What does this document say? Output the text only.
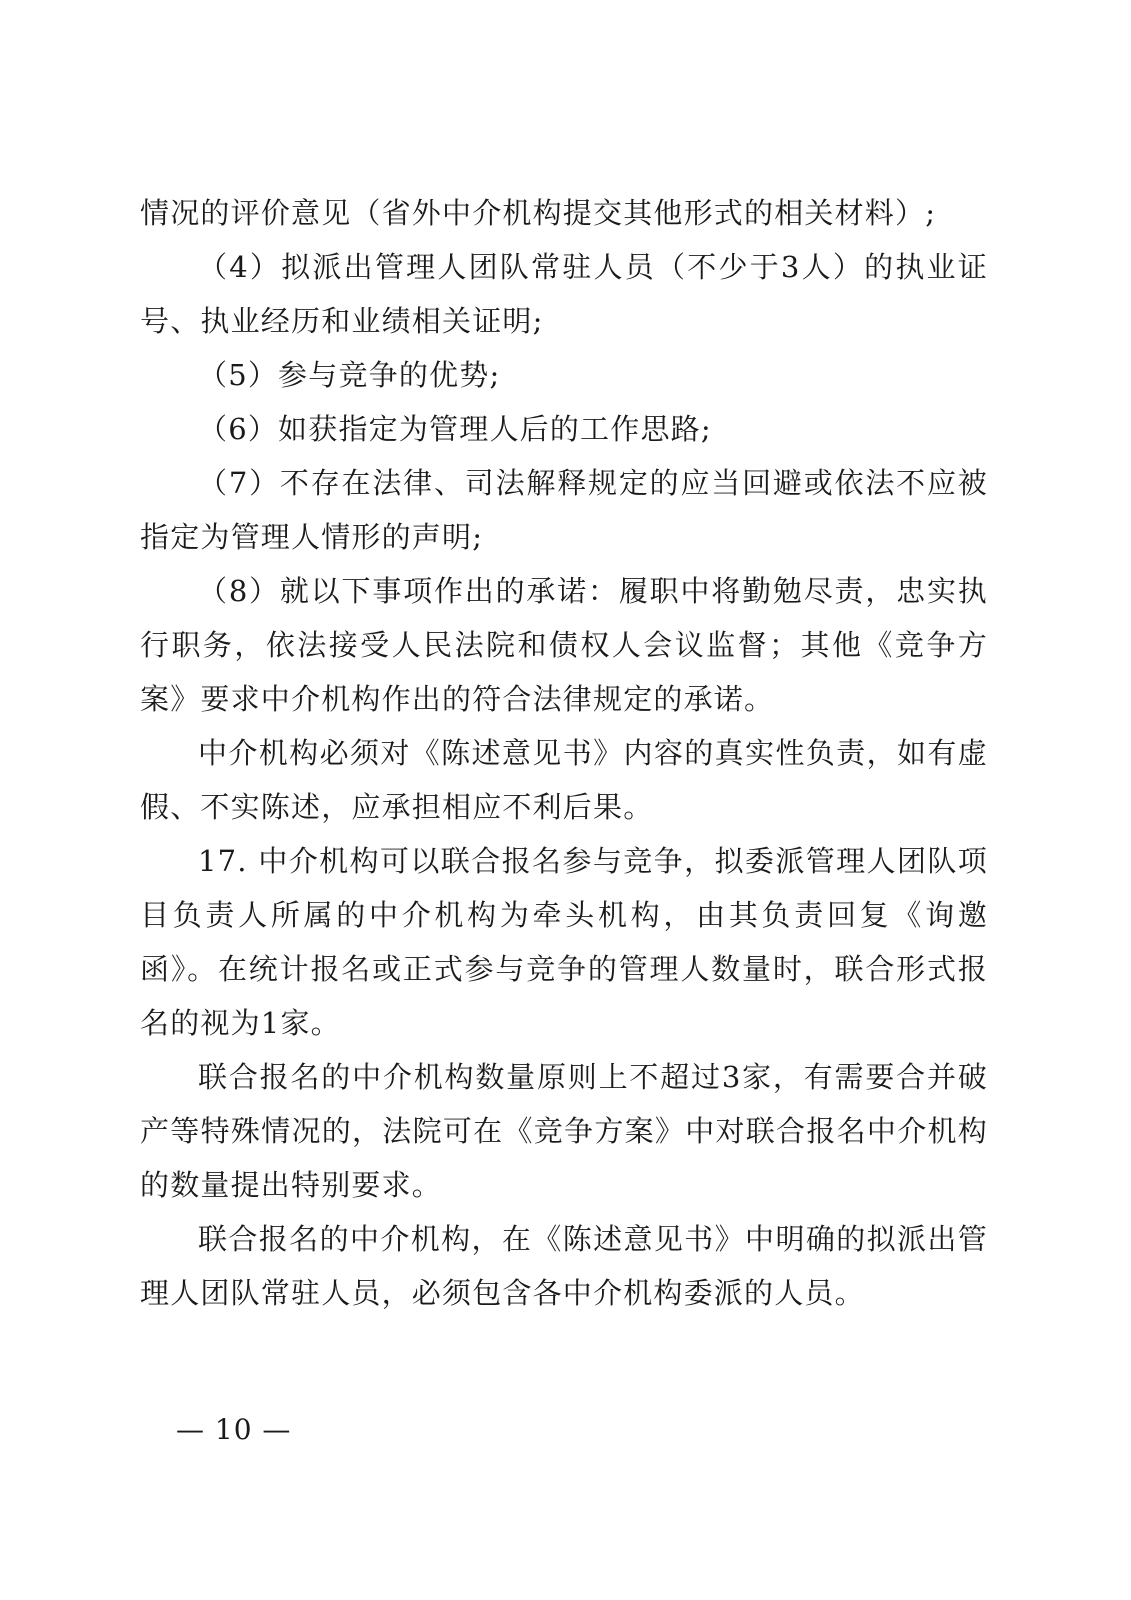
情况的评价意见（省外中介机构提交其他形式的相关材料）;

（4）拟派出管理人团队常驻人员（不少于3人）的执业证号、执业经历和业绩相关证明;

（5）参与竞争的优势;

（6）如获指定为管理人后的工作思路;

（7）不存在法律、司法解释规定的应当回避或依法不应被指定为管理人情形的声明;

（8）就以下事项作出的承诺：履职中将勤勉尽责，忠实执行职务，依法接受人民法院和债权人会议监督；其他《竞争方案》要求中介机构作出的符合法律规定的承诺。

中介机构必须对《陈述意见书》内容的真实性负责，如有虚假、不实陈述，应承担相应不利后果。

17. 中介机构可以联合报名参与竞争，拟委派管理人团队项目负责人所属的中介机构为牵头机构，由其负责回复《询邀函》。在统计报名或正式参与竞争的管理人数量时，联合形式报名的视为1家。

联合报名的中介机构数量原则上不超过3家，有需要合并破产等特殊情况的，法院可在《竞争方案》中对联合报名中介机构的数量提出特别要求。

联合报名的中介机构，在《陈述意见书》中明确的拟派出管理人团队常驻人员，必须包含各中介机构委派的人员。

— 10 —
